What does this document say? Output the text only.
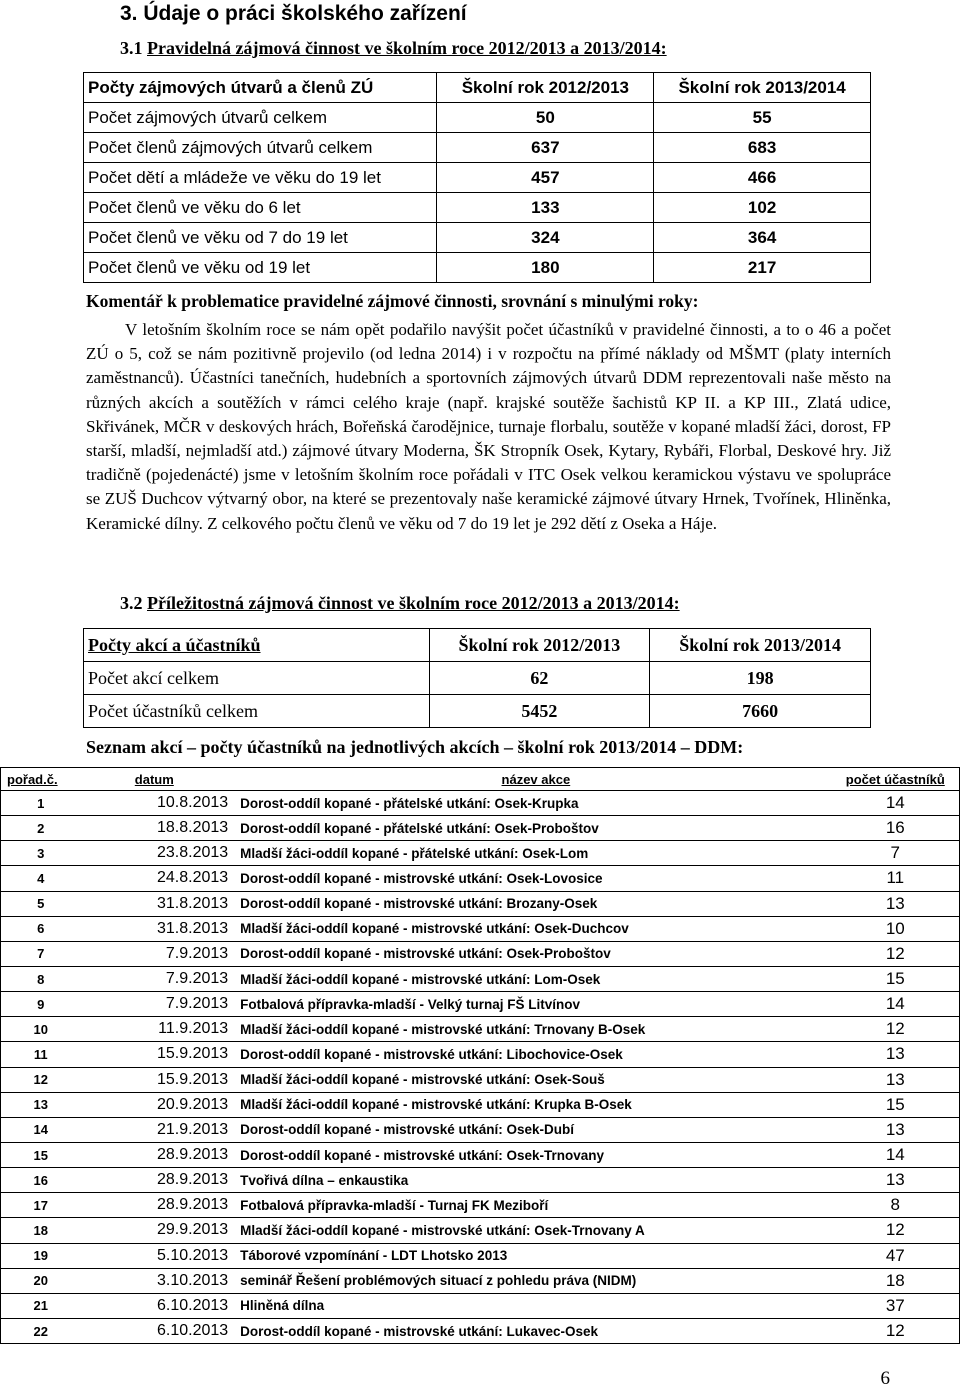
3. Údaje o práci školského zařízení
3.1 Pravidelná zájmová činnost ve školním roce 2012/2013 a 2013/2014:
Počty zájmových útvarů a členů ZÚ	Školní rok 2012/2013	Školní rok 2013/2014
Počet zájmových útvarů celkem	50	55
Počet členů zájmových útvarů celkem	637	683
Počet dětí a mládeže ve věku do 19 let	457	466
Počet členů ve věku do 6 let	133	102
Počet členů ve věku od 7 do 19 let	324	364
Počet členů ve věku od 19 let	180	217
Komentář k problematice pravidelné zájmové činnosti, srovnání s minulými roky:
V letošním školním roce se nám opět podařilo navýšit počet účastníků v pravidelné činnosti, a to o 46 a počet ZÚ o 5, což se nám pozitivně projevilo (od ledna 2014) i v rozpočtu na přímé náklady od MŠMT (platy interních zaměstnanců). Účastníci tanečních, hudebních a sportovních zájmových útvarů DDM reprezentovali naše město na různých akcích a soutěžích v rámci celého kraje (např. krajské soutěže šachistů KP II. a KP III., Zlatá udice, Skřivánek, MČR v deskových hrách, Bořeňská čarodějnice, turnaje florbalu, soutěže v kopané mladší žáci, dorost, FP starší, mladší, nejmladší atd.) zájmové útvary Moderna, ŠK Stropník Osek, Kytary, Rybáři, Florbal, Deskové hry. Již tradičně (pojedenácté) jsme v letošním školním roce pořádali v ITC Osek velkou keramickou výstavu ve spolupráce se ZUŠ Duchcov výtvarný obor, na které se prezentovaly naše keramické zájmové útvary Hrnek, Tvořínek, Hliněnka, Keramické dílny. Z celkového počtu členů ve věku od 7 do 19 let je 292 dětí z Oseka a Háje.
3.2 Příležitostná zájmová činnost ve školním roce 2012/2013 a 2013/2014:
Počty akcí a účastníků	Školní rok 2012/2013	Školní rok 2013/2014
Počet akcí celkem	62	198
Počet účastníků celkem	5452	7660
Seznam akcí – počty účastníků na jednotlivých akcích – školní rok 2013/2014 – DDM:
pořad.č.	datum	název akce	počet účastníků
1	10.8.2013	Dorost-oddíl kopané - přátelské utkání: Osek-Krupka	14
2	18.8.2013	Dorost-oddíl kopané - přátelské utkání: Osek-Proboštov	16
3	23.8.2013	Mladší žáci-oddíl kopané - přátelské utkání: Osek-Lom	7
4	24.8.2013	Dorost-oddíl kopané - mistrovské utkání: Osek-Lovosice	11
5	31.8.2013	Dorost-oddíl kopané - mistrovské utkání: Brozany-Osek	13
6	31.8.2013	Mladší žáci-oddíl kopané - mistrovské utkání: Osek-Duchcov	10
7	7.9.2013	Dorost-oddíl kopané - mistrovské utkání: Osek-Proboštov	12
8	7.9.2013	Mladší žáci-oddíl kopané - mistrovské utkání: Lom-Osek	15
9	7.9.2013	Fotbalová přípravka-mladší - Velký turnaj FŠ Litvínov	14
10	11.9.2013	Mladší žáci-oddíl kopané - mistrovské utkání: Trnovany B-Osek	12
11	15.9.2013	Dorost-oddíl kopané - mistrovské utkání: Libochovice-Osek	13
12	15.9.2013	Mladší žáci-oddíl kopané - mistrovské utkání: Osek-Souš	13
13	20.9.2013	Mladší žáci-oddíl kopané - mistrovské utkání: Krupka B-Osek	15
14	21.9.2013	Dorost-oddíl kopané - mistrovské utkání: Osek-Dubí	13
15	28.9.2013	Dorost-oddíl kopané - mistrovské utkání: Osek-Trnovany	14
16	28.9.2013	Tvořivá dílna – enkaustika	13
17	28.9.2013	Fotbalová přípravka-mladší - Turnaj FK Meziboří	8
18	29.9.2013	Mladší žáci-oddíl kopané - mistrovské utkání: Osek-Trnovany A	12
19	5.10.2013	Táborové vzpomínání - LDT Lhotsko 2013	47
20	3.10.2013	seminář Řešení problémových situací z pohledu práva (NIDM)	18
21	6.10.2013	Hliněná dílna	37
22	6.10.2013	Dorost-oddíl kopané - mistrovské utkání: Lukavec-Osek	12
6
